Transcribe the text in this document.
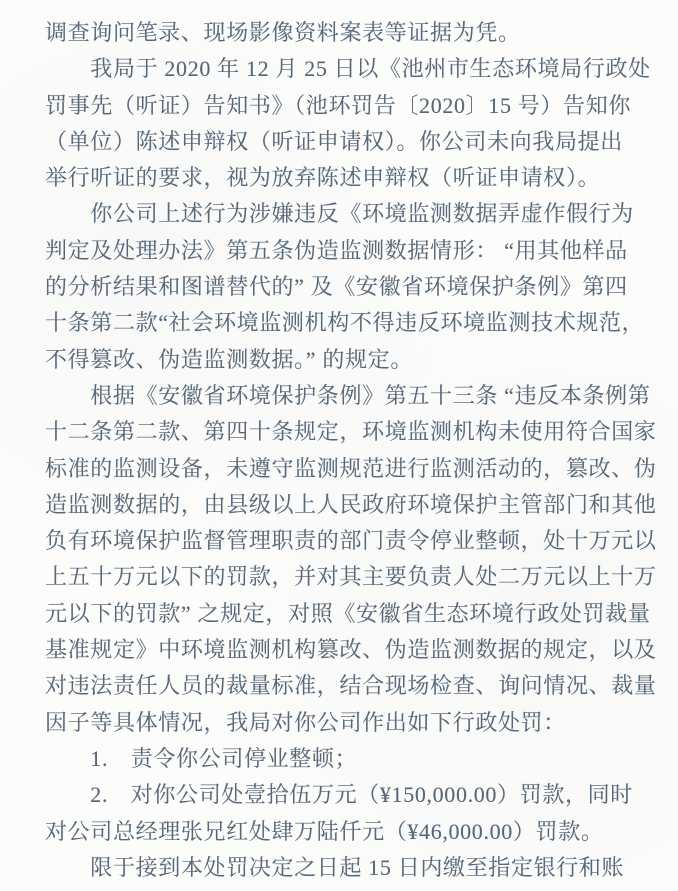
调查询问笔录、现场影像资料案表等证据为凭。
　　我局于 2020 年 12 月 25 日以《池州市生态环境局行政处
罚事先（听证）告知书》（池环罚告〔2020〕15 号）告知你
（单位）陈述申辩权（听证申请权）。你公司未向我局提出
举行听证的要求，视为放弃陈述申辩权（听证申请权）。
　　你公司上述行为涉嫌违反《环境监测数据弄虚作假行为
判定及处理办法》第五条伪造监测数据情形： “用其他样品
的分析结果和图谱替代的” 及《安徽省环境保护条例》第四
十条第二款“社会环境监测机构不得违反环境监测技术规范，
不得篡改、伪造监测数据。” 的规定。
　　根据《安徽省环境保护条例》第五十三条 “违反本条例第
十二条第二款、第四十条规定，环境监测机构未使用符合国家
标准的监测设备，未遵守监测规范进行监测活动的，篡改、伪
造监测数据的，由县级以上人民政府环境保护主管部门和其他
负有环境保护监督管理职责的部门责令停业整顿，处十万元以
上五十万元以下的罚款，并对其主要负责人处二万元以上十万
元以下的罚款” 之规定，对照《安徽省生态环境行政处罚裁量
基准规定》中环境监测机构篡改、伪造监测数据的规定，以及
对违法责任人员的裁量标准，结合现场检查、询问情况、裁量
因子等具体情况，我局对你公司作出如下行政处罚：
　　1.　责令你公司停业整顿；
　　2.　对你公司处壹拾伍万元（¥150,000.00）罚款，同时
对公司总经理张兄红处肆万陆仟元（¥46,000.00）罚款。
　　限于接到本处罚决定之日起 15 日内缴至指定银行和账
